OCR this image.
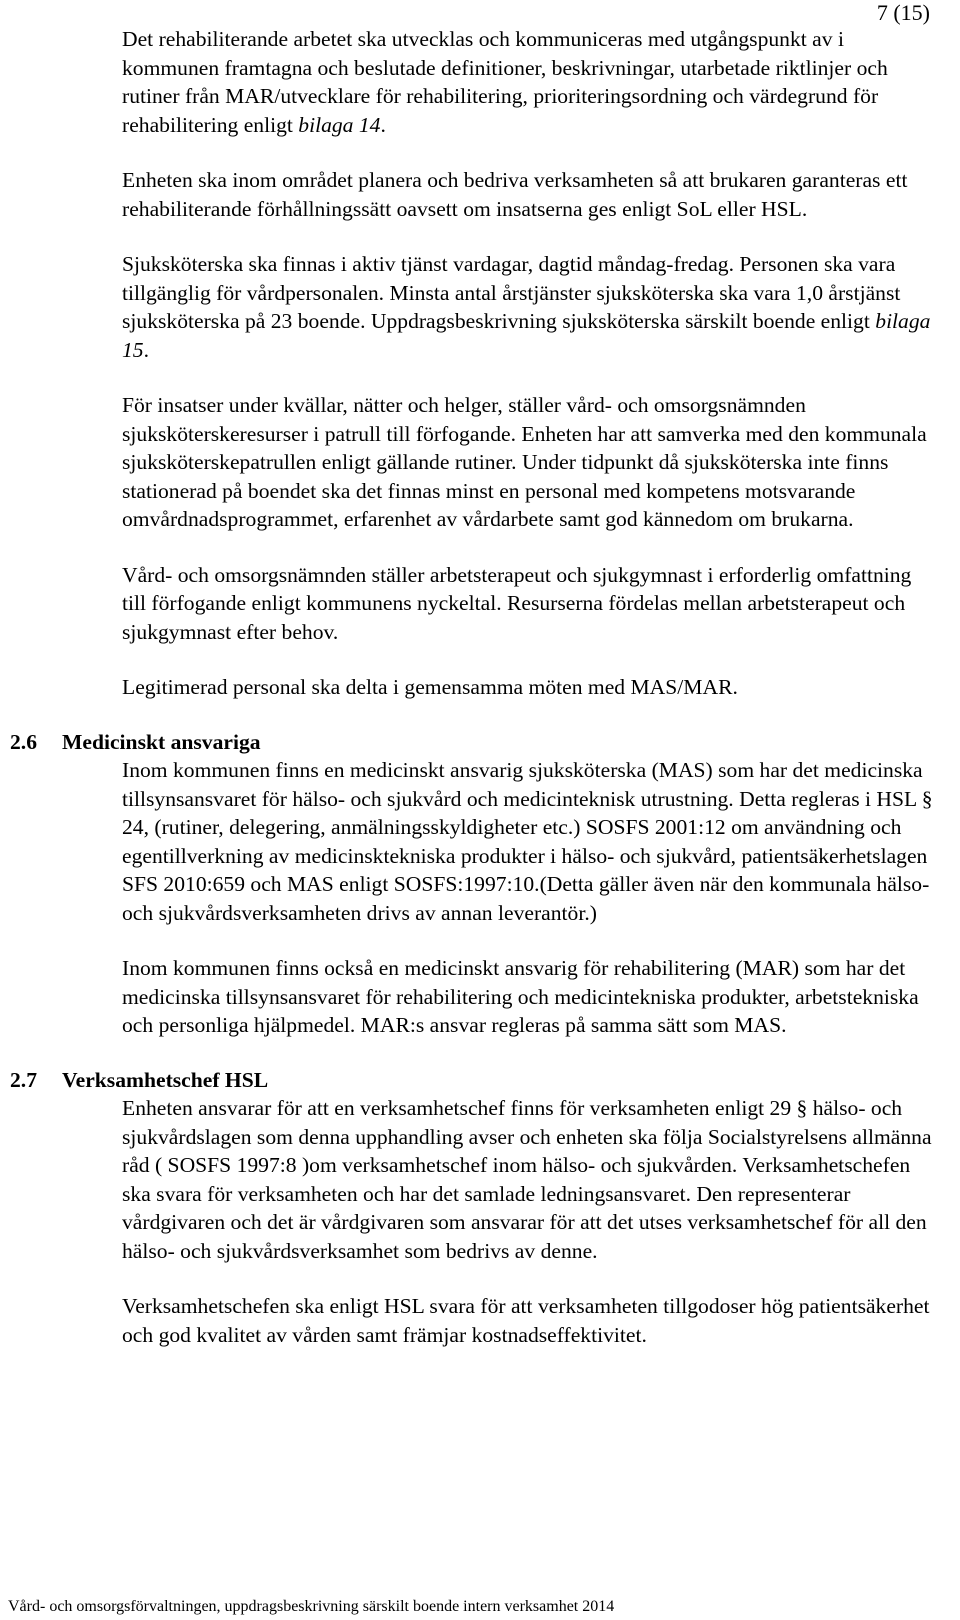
7 (15)

Det rehabiliterande arbetet ska utvecklas och kommuniceras med utgångspunkt av i kommunen framtagna och beslutade definitioner, beskrivningar, utarbetade riktlinjer och rutiner från MAR/utvecklare för rehabilitering, prioriteringsordning och värdegrund för rehabilitering enligt bilaga 14.

Enheten ska inom området planera och bedriva verksamheten så att brukaren garanteras ett rehabiliterande förhållningssätt oavsett om insatserna ges enligt SoL eller HSL.

Sjuksköterska ska finnas i aktiv tjänst vardagar, dagtid måndag-fredag. Personen ska vara tillgänglig för vårdpersonalen. Minsta antal årstjänster sjuksköterska ska vara 1,0 årstjänst sjuksköterska på 23 boende. Uppdragsbeskrivning sjuksköterska särskilt boende enligt bilaga 15.

För insatser under kvällar, nätter och helger, ställer vård- och omsorgsnämnden sjuksköterskeresurser i patrull till förfogande. Enheten har att samverka med den kommunala sjuksköterskepatrullen enligt gällande rutiner. Under tidpunkt då sjuksköterska inte finns stationerad på boendet ska det finnas minst en personal med kompetens motsvarande omvårdnadsprogrammet, erfarenhet av vårdarbete samt god kännedom om brukarna.

Vård- och omsorgsnämnden ställer arbetsterapeut och sjukgymnast i erforderlig omfattning till förfogande enligt kommunens nyckeltal. Resurserna fördelas mellan arbetsterapeut och sjukgymnast efter behov.

Legitimerad personal ska delta i gemensamma möten med MAS/MAR.

2.6 Medicinskt ansvariga

Inom kommunen finns en medicinskt ansvarig sjuksköterska (MAS) som har det medicinska tillsynsansvaret för hälso- och sjukvård och medicinteknisk utrustning. Detta regleras i HSL § 24, (rutiner, delegering, anmälningsskyldigheter etc.) SOSFS 2001:12 om användning och egentillverkning av medicinsktekniska produkter i hälso- och sjukvård, patientsäkerhetslagen SFS 2010:659 och MAS enligt SOSFS:1997:10.(Detta gäller även när den kommunala hälso- och sjukvårdsverksamheten drivs av annan leverantör.)

Inom kommunen finns också en medicinskt ansvarig för rehabilitering (MAR) som har det medicinska tillsynsansvaret för rehabilitering och medicintekniska produkter, arbetstekniska och personliga hjälpmedel. MAR:s ansvar regleras på samma sätt som MAS.

2.7 Verksamhetschef HSL

Enheten ansvarar för att en verksamhetschef finns för verksamheten enligt 29 § hälso- och sjukvårdslagen som denna upphandling avser och enheten ska följa Socialstyrelsens allmänna råd ( SOSFS 1997:8 )om verksamhetschef inom hälso- och sjukvården. Verksamhetschefen ska svara för verksamheten och har det samlade ledningsansvaret. Den representerar vårdgivaren och det är vårdgivaren som ansvarar för att det utses verksamhetschef för all den hälso- och sjukvårdsverksamhet som bedrivs av denne.

Verksamhetschefen ska enligt HSL svara för att verksamheten tillgodoser hög patientsäkerhet och god kvalitet av vården samt främjar kostnadseffektivitet.

Vård- och omsorgsförvaltningen, uppdragsbeskrivning särskilt boende intern verksamhet 2014
